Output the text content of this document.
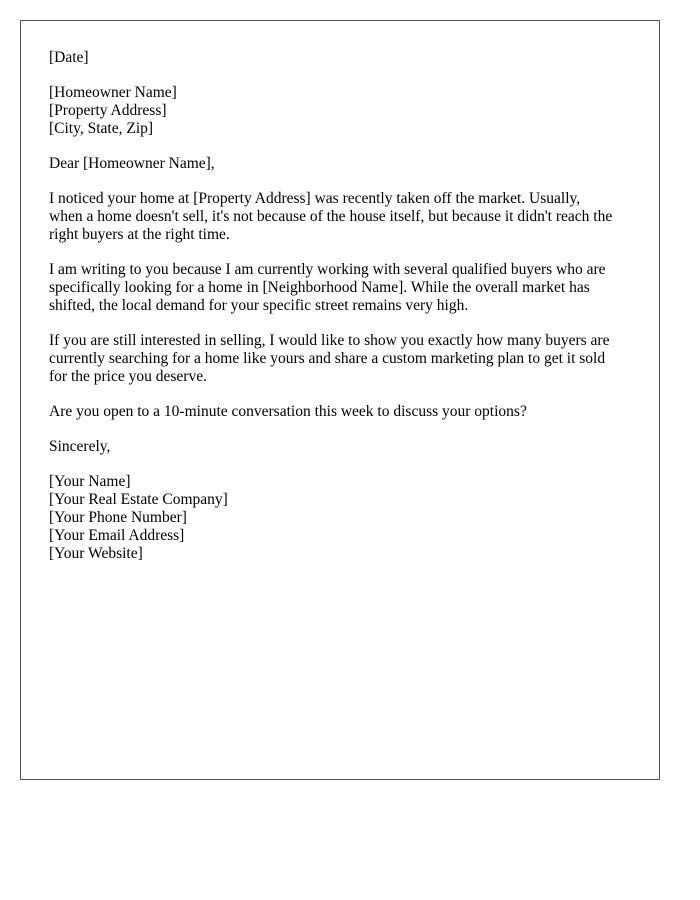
[Date]
[Homeowner Name]
[Property Address]
[City, State, Zip]
Dear [Homeowner Name],
I noticed your home at [Property Address] was recently taken off the market. Usually,
when a home doesn't sell, it's not because of the house itself, but because it didn't reach the
right buyers at the right time.
I am writing to you because I am currently working with several qualified buyers who are
specifically looking for a home in [Neighborhood Name]. While the overall market has
shifted, the local demand for your specific street remains very high.
If you are still interested in selling, I would like to show you exactly how many buyers are
currently searching for a home like yours and share a custom marketing plan to get it sold
for the price you deserve.
Are you open to a 10-minute conversation this week to discuss your options?
Sincerely,
[Your Name]
[Your Real Estate Company]
[Your Phone Number]
[Your Email Address]
[Your Website]
